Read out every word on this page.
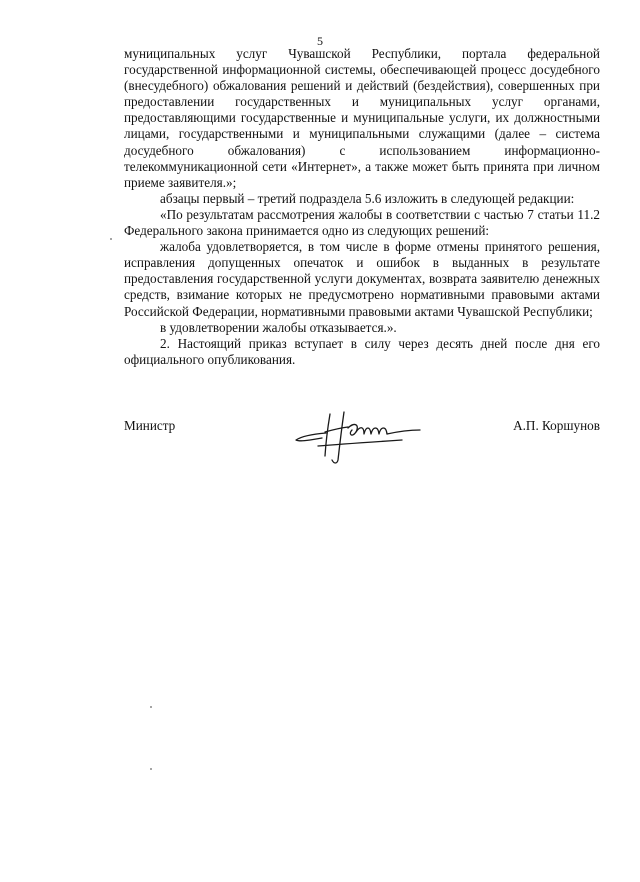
5

муниципальных услуг Чувашской Республики, портала федеральной государственной информационной системы, обеспечивающей процесс досудебного (внесудебного) обжалования решений и действий (бездействия), совершенных при предоставлении государственных и муниципальных услуг органами, предоставляющими государственные и муниципальные услуги, их должностными лицами, государственными и муниципальными служащими (далее – система досудебного обжалования) с использованием информационно-телекоммуникационной сети «Интернет», а также может быть принята при личном приеме заявителя.»;

абзацы первый – третий подраздела 5.6 изложить в следующей редакции:

«По результатам рассмотрения жалобы в соответствии с частью 7 статьи 11.2 Федерального закона принимается одно из следующих решений:

жалоба удовлетворяется, в том числе в форме отмены принятого решения, исправления допущенных опечаток и ошибок в выданных в результате предоставления государственной услуги документах, возврата заявителю денежных средств, взимание которых не предусмотрено нормативными правовыми актами Российской Федерации, нормативными правовыми актами Чувашской Республики;

в удовлетворении жалобы отказывается.».

2. Настоящий приказ вступает в силу через десять дней после дня его официального опубликования.

Министр	А.П. Коршунов
